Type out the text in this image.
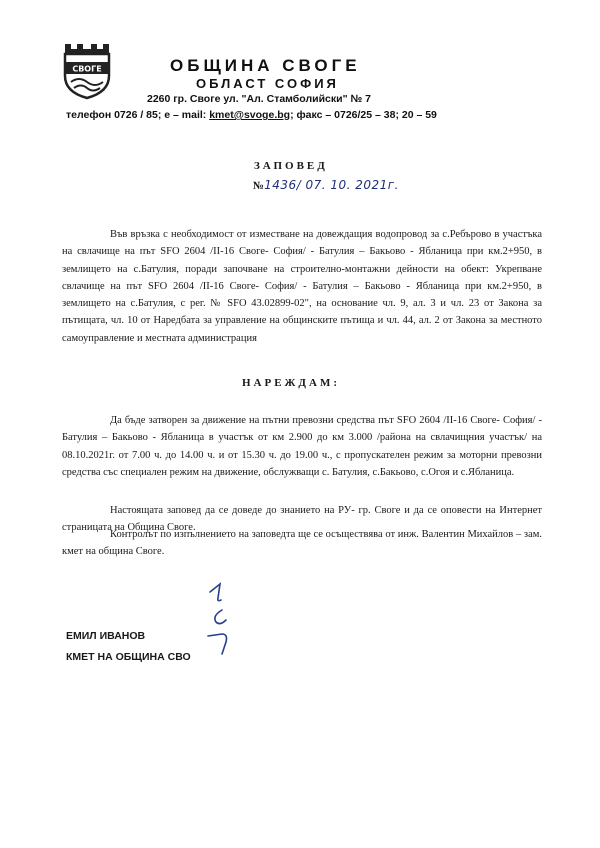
СВОГЕ	ОБЩИНА СВОГЕ
ОБЛАСТ СОФИЯ
2260 гр. Своге ул. "Ал. Стамболийски" № 7
телефон 0726 / 85; е – mail: kmet@svoge.bg; факс – 0726/25 – 38; 20 – 59
ЗАПОВЕД
№1436/ 07. 10. 2021г.
Във връзка с необходимост от изместване на довеждащия водопровод за с.Ребърово в участъка на свлачище на път SFO 2604 /II-16 Своге- София/ - Батулия – Бакьово - Ябланица при км.2+950, в землището на с.Батулия, поради започване на строително-монтажни дейности на обект: Укрепване свлачище на път SFO 2604 /II-16 Своге- София/ - Батулия – Бакьово - Ябланица при км.2+950, в землището на с.Батулия, с рег. № SFO 43.02899-02", на основание чл. 9, ал. 3 и чл. 23 от Закона за пътищата, чл. 10 от Наредбата за управление на общинските пътища и чл. 44, ал. 2 от Закона за местното самоуправление и местната администрация
НАРЕЖДАМ:
Да бъде затворен за движение на пътни превозни средства път SFO 2604 /II-16 Своге- София/ - Батулия – Бакьово - Ябланица в участък от км 2.900 до км 3.000 /района на свлачищния участък/ на 08.10.2021г. от 7.00 ч. до 14.00 ч. и от 15.30 ч. до 19.00 ч., с пропускателен режим за моторни превозни средства със специален режим на движение, обслужващи с. Батулия, с.Бакьово, с.Огоя и с.Ябланица.
Настоящата заповед да се доведе до знанието на РУ- гр. Своге и да се оповести на Интернет страницата на Община Своге.
Контролът по изпълнението на заповедта ще се осъществява от инж. Валентин Михайлов – зам. кмет на община Своге.
ЕМИЛ ИВАНОВ
КМЕТ НА ОБЩИНА СВО
